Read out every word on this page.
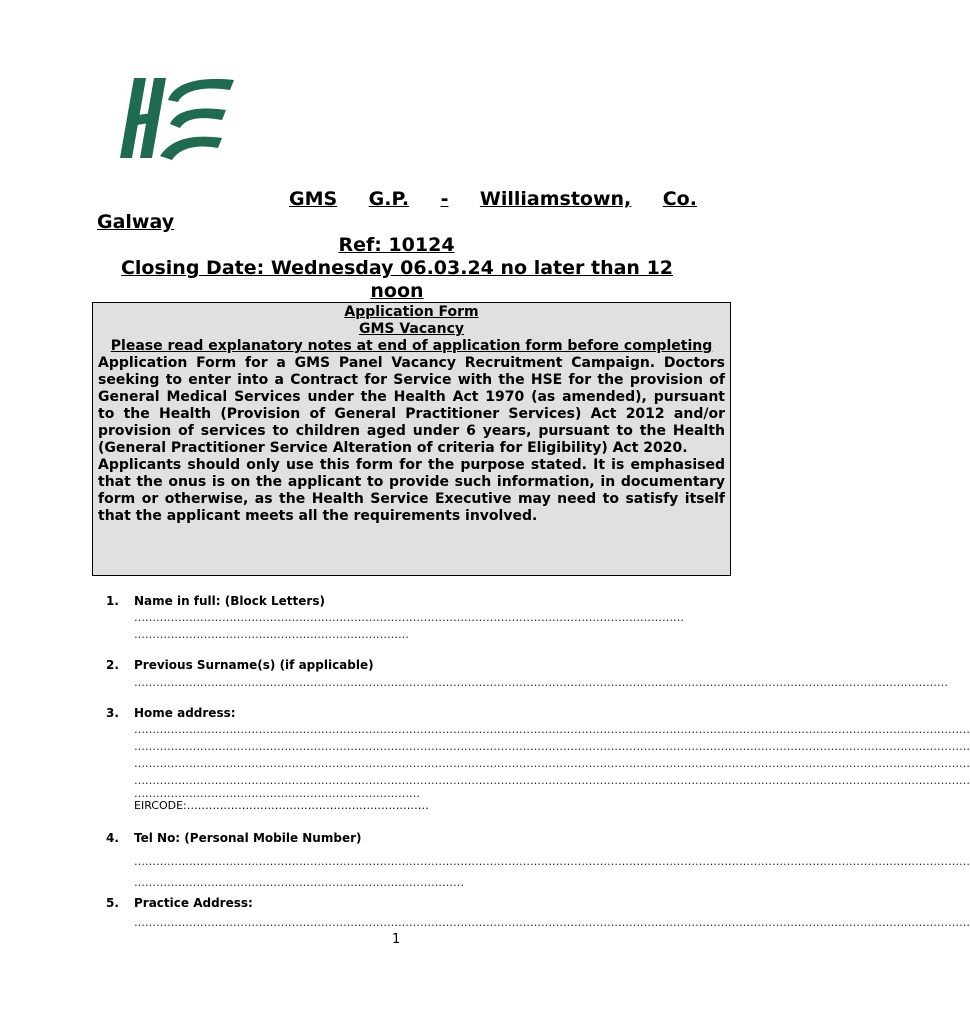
GMS G.P. - Williamstown, Co.
Galway
Ref: 10124
Closing Date: Wednesday 06.03.24 no later than 12 noon
Application Form
GMS Vacancy
Please read explanatory notes at end of application form before completing

Application Form for a GMS Panel Vacancy Recruitment Campaign. Doctors seeking to enter into a Contract for Service with the HSE for the provision of General Medical Services under the Health Act 1970 (as amended), pursuant to the Health (Provision of General Practitioner Services) Act 2012 and/or provision of services to children aged under 6 years, pursuant to the Health (General Practitioner Service Alteration of criteria for Eligibility) Act 2020.

Applicants should only use this form for the purpose stated. It is emphasised that the onus is on the applicant to provide such information, in documentary form or otherwise, as the Health Service Executive may need to satisfy itself that the applicant meets all the requirements involved.

1. Name in full: (Block Letters)
……………………………………………………………………………………………………………………………………
…………………………………………………………………
2. Previous Surname(s) (if applicable)
……………………………………………………………………………………………………………………………………………………………………………………………………
3. Home address:
…………………………………………………………………………………………………………………………………………………………………………………………………………
…………………………………………………………………………………………………………………………………………………………………………………………………………
…………………………………………………………………………………………………………………………………………………………………………………………………………
…………………………………………………………………………………………………………………………………………………………………………………………………………
……………………………………………………………………
EIRCODE:…………………………………………………………
4. Tel No: (Personal Mobile Number)
…………………………………………………………………………………………………………………………………………………………………………………………………………
………………………………………………………………………………
5. Practice Address:
…………………………………………………………………………………………………………………………………………………………………………………………………………
1
